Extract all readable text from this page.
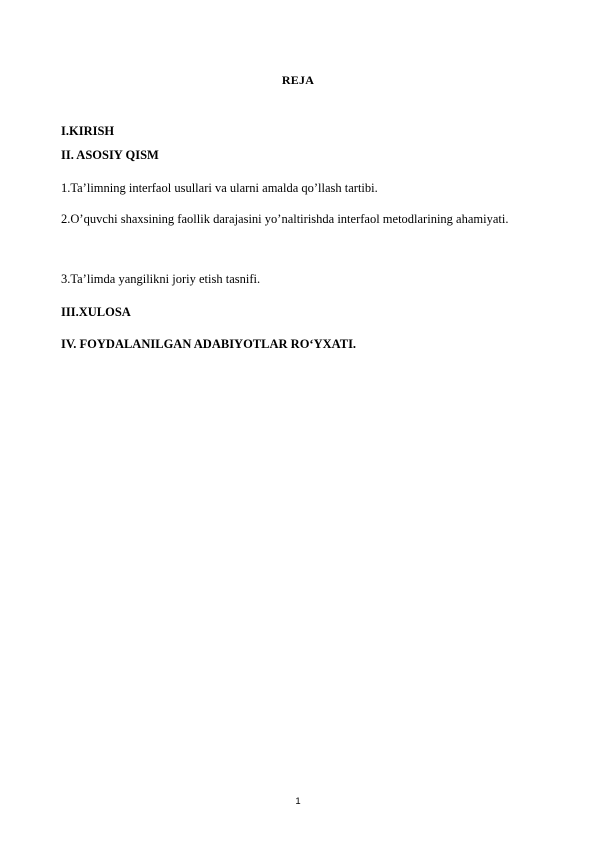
REJA
I.KIRISH
II. ASOSIY QISM
1.Ta’limning interfaol usullari va ularni amalda qo’llash tartibi.
2.O’quvchi shaxsining faollik darajasini yo’naltirishda interfaol metodlarining ahamiyati.
3.Ta’limda yangilikni joriy etish tasnifi.
III.XULOSA
IV. FOYDALANILGAN ADABIYOTLAR RO‘YXATI.
1
